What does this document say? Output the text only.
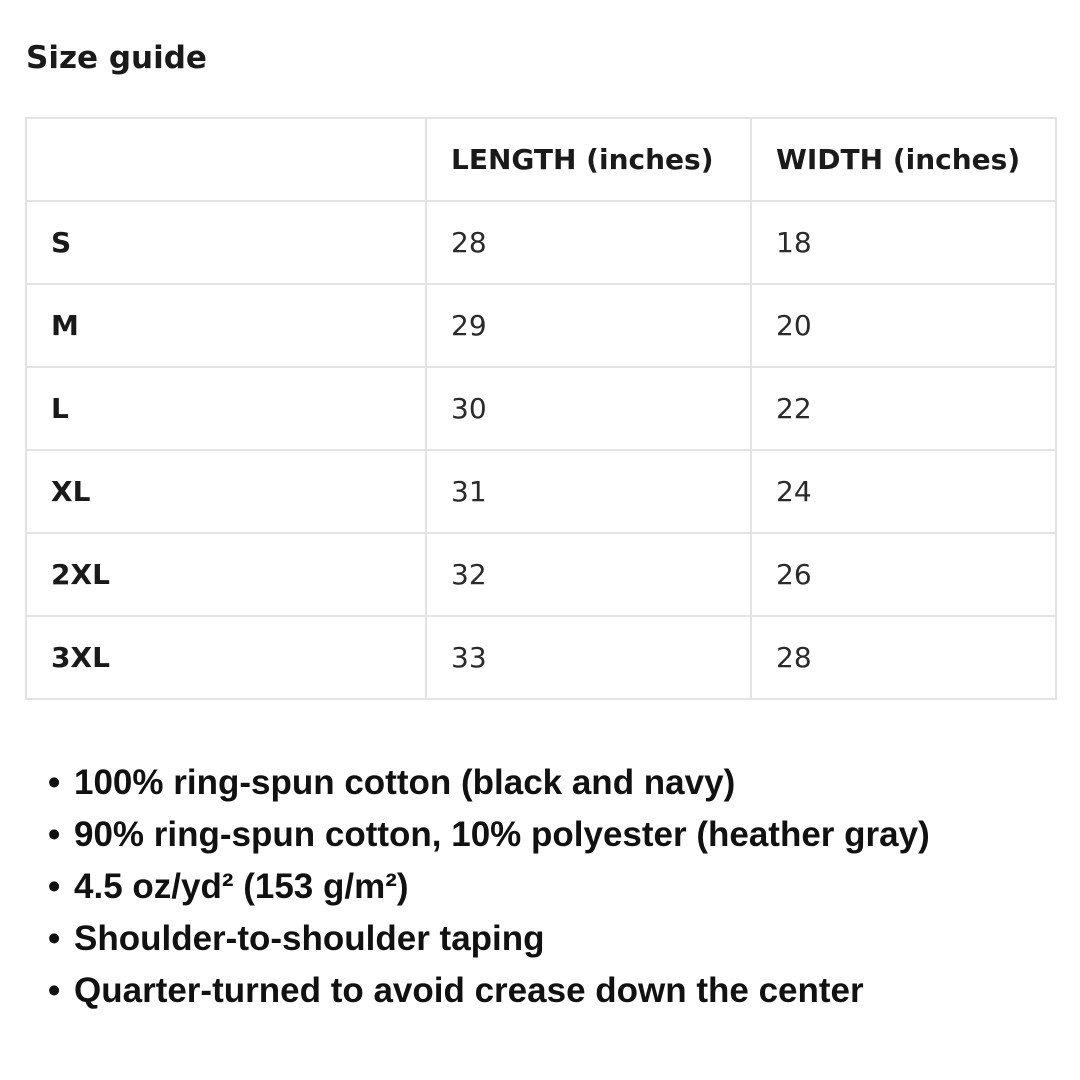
Size guide
	LENGTH (inches)	WIDTH (inches)
S	28	18
M	29	20
L	30	22
XL	31	24
2XL	32	26
3XL	33	28
• 100% ring-spun cotton (black and navy)
• 90% ring-spun cotton, 10% polyester (heather gray)
• 4.5 oz/yd² (153 g/m²)
• Shoulder-to-shoulder taping
• Quarter-turned to avoid crease down the center
